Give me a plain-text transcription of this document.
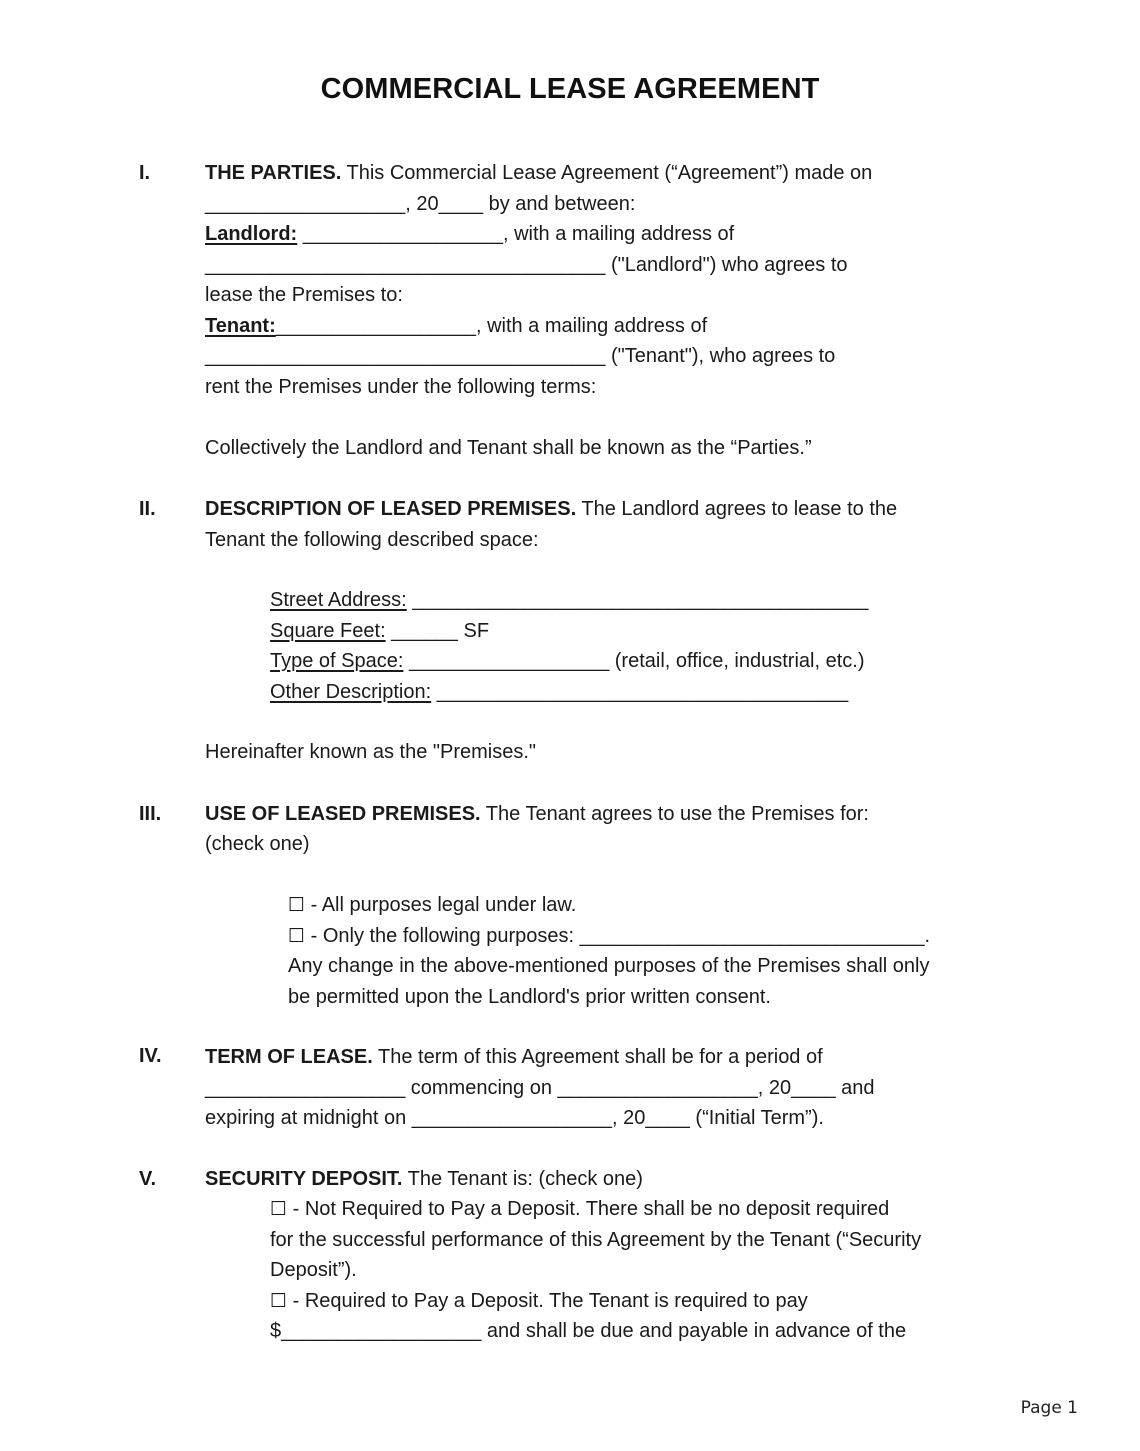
COMMERCIAL LEASE AGREEMENT
I.	THE PARTIES. This Commercial Lease Agreement (“Agreement”) made on
__________________, 20____ by and between:
Landlord: __________________, with a mailing address of
____________________________________ ("Landlord") who agrees to
lease the Premises to:
Tenant:__________________, with a mailing address of
____________________________________ ("Tenant"), who agrees to
rent the Premises under the following terms:
Collectively the Landlord and Tenant shall be known as the “Parties.”
II. DESCRIPTION OF LEASED PREMISES. The Landlord agrees to lease to the
Tenant the following described space:
Street Address: _________________________________________
Square Feet: ______ SF
Type of Space: __________________ (retail, office, industrial, etc.)
Other Description: _____________________________________
Hereinafter known as the "Premises."
III. USE OF LEASED PREMISES. The Tenant agrees to use the Premises for:
(check one)
☐ - All purposes legal under law.
☐ - Only the following purposes: _______________________________.
Any change in the above-mentioned purposes of the Premises shall only
be permitted upon the Landlord's prior written consent.
IV. TERM OF LEASE. The term of this Agreement shall be for a period of
__________________ commencing on __________________, 20____ and
expiring at midnight on __________________, 20____ (“Initial Term”).
V. SECURITY DEPOSIT. The Tenant is: (check one)
☐ - Not Required to Pay a Deposit. There shall be no deposit required
for the successful performance of this Agreement by the Tenant (“Security
Deposit”).
☐ - Required to Pay a Deposit. The Tenant is required to pay
$__________________ and shall be due and payable in advance of the
Page 1
